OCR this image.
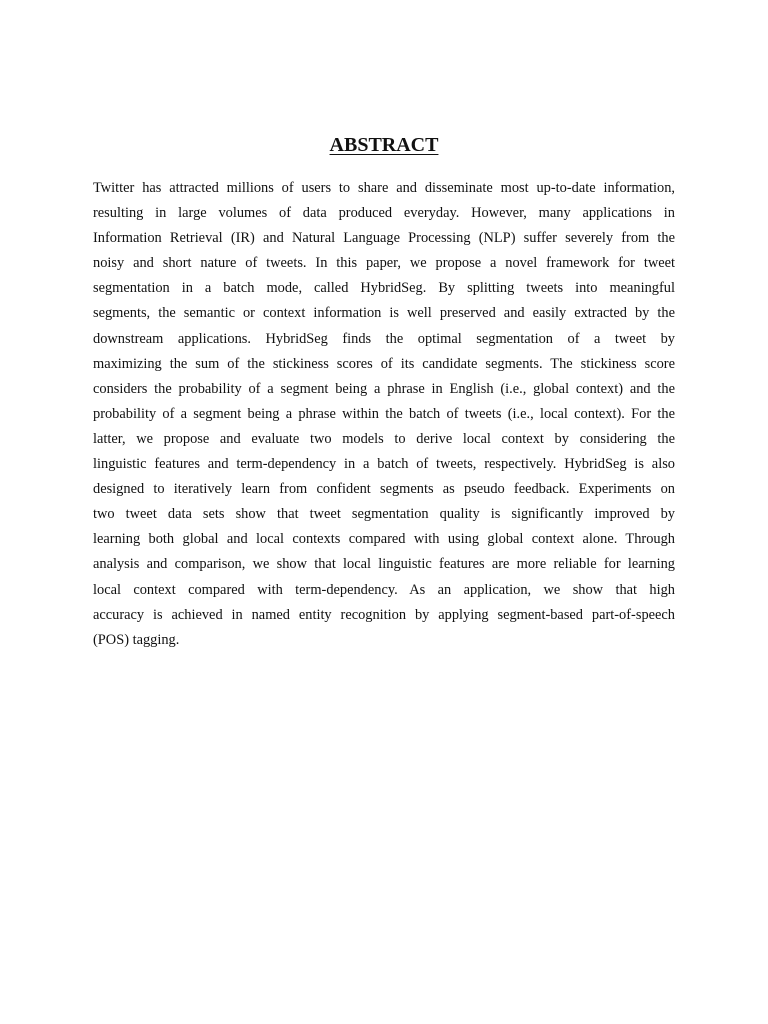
ABSTRACT
Twitter has attracted millions of users to share and disseminate most up-to-date information,
resulting in large volumes of data produced everyday. However, many applications in
Information Retrieval (IR) and Natural Language Processing (NLP) suffer severely from the
noisy and short nature of tweets. In this paper, we propose a novel framework for tweet
segmentation in a batch mode, called HybridSeg. By splitting tweets into meaningful
segments, the semantic or context information is well preserved and easily extracted by the
downstream applications. HybridSeg finds the optimal segmentation of a tweet by
maximizing the sum of the stickiness scores of its candidate segments. The stickiness score
considers the probability of a segment being a phrase in English (i.e., global context) and the
probability of a segment being a phrase within the batch of tweets (i.e., local context). For the
latter, we propose and evaluate two models to derive local context by considering the
linguistic features and term-dependency in a batch of tweets, respectively. HybridSeg is also
designed to iteratively learn from confident segments as pseudo feedback. Experiments on
two tweet data sets show that tweet segmentation quality is significantly improved by
learning both global and local contexts compared with using global context alone. Through
analysis and comparison, we show that local linguistic features are more reliable for learning
local context compared with term-dependency. As an application, we show that high
accuracy is achieved in named entity recognition by applying segment-based part-of-speech
(POS) tagging.
